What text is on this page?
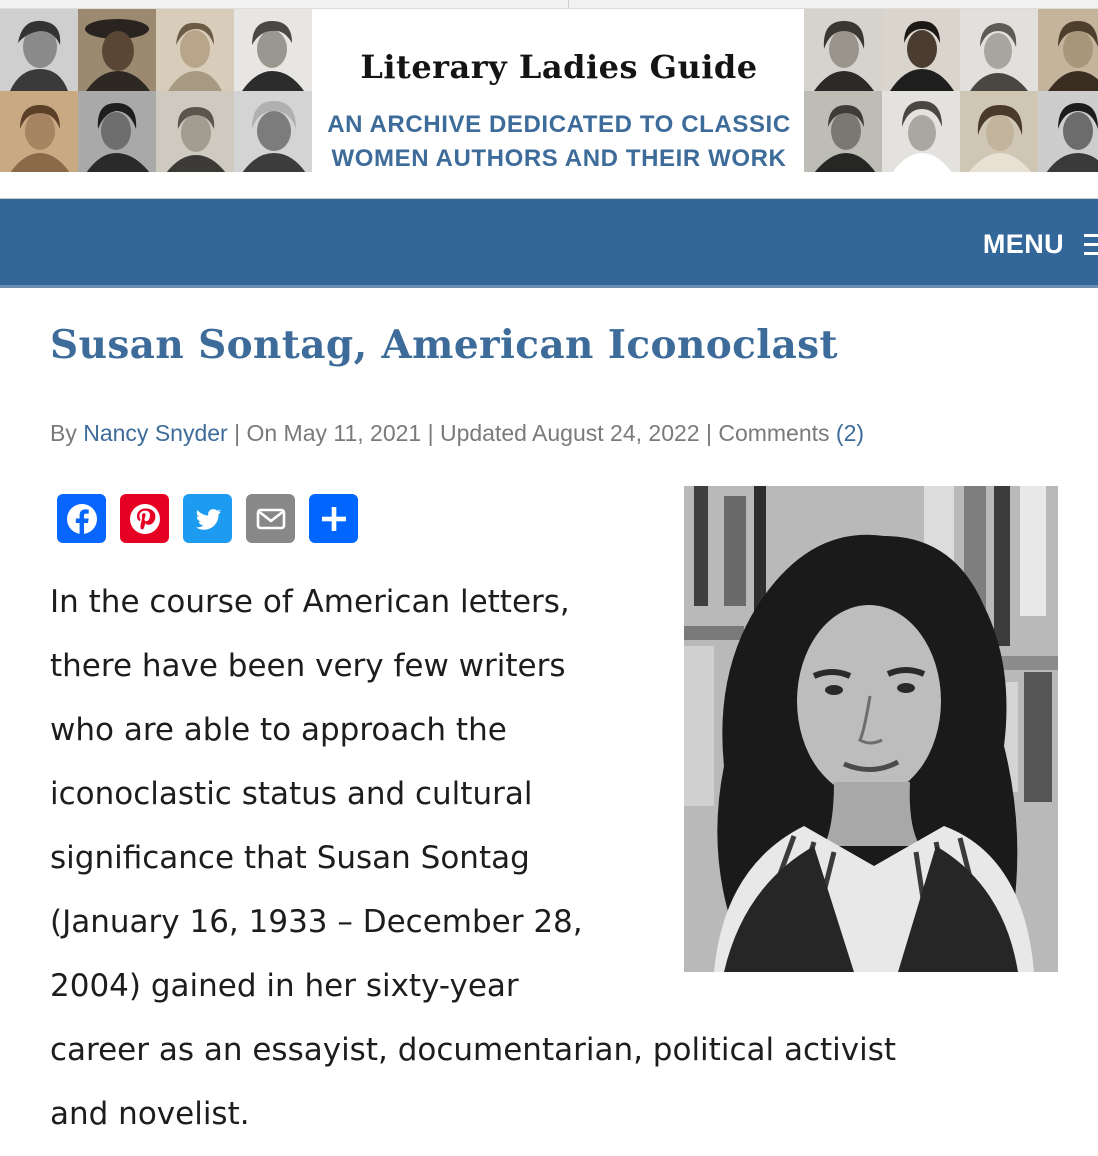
Literary Ladies Guide
AN ARCHIVE DEDICATED TO CLASSIC
WOMEN AUTHORS AND THEIR WORK
MENU
Susan Sontag, American Iconoclast
By Nancy Snyder | On May 11, 2021 | Updated August 24, 2022 | Comments (2)
In the course of American letters,
there have been very few writers
who are able to approach the
iconoclastic status and cultural
significance that Susan Sontag
(January 16, 1933 – December 28,
2004) gained in her sixty-year
career as an essayist, documentarian, political activist
and novelist.
